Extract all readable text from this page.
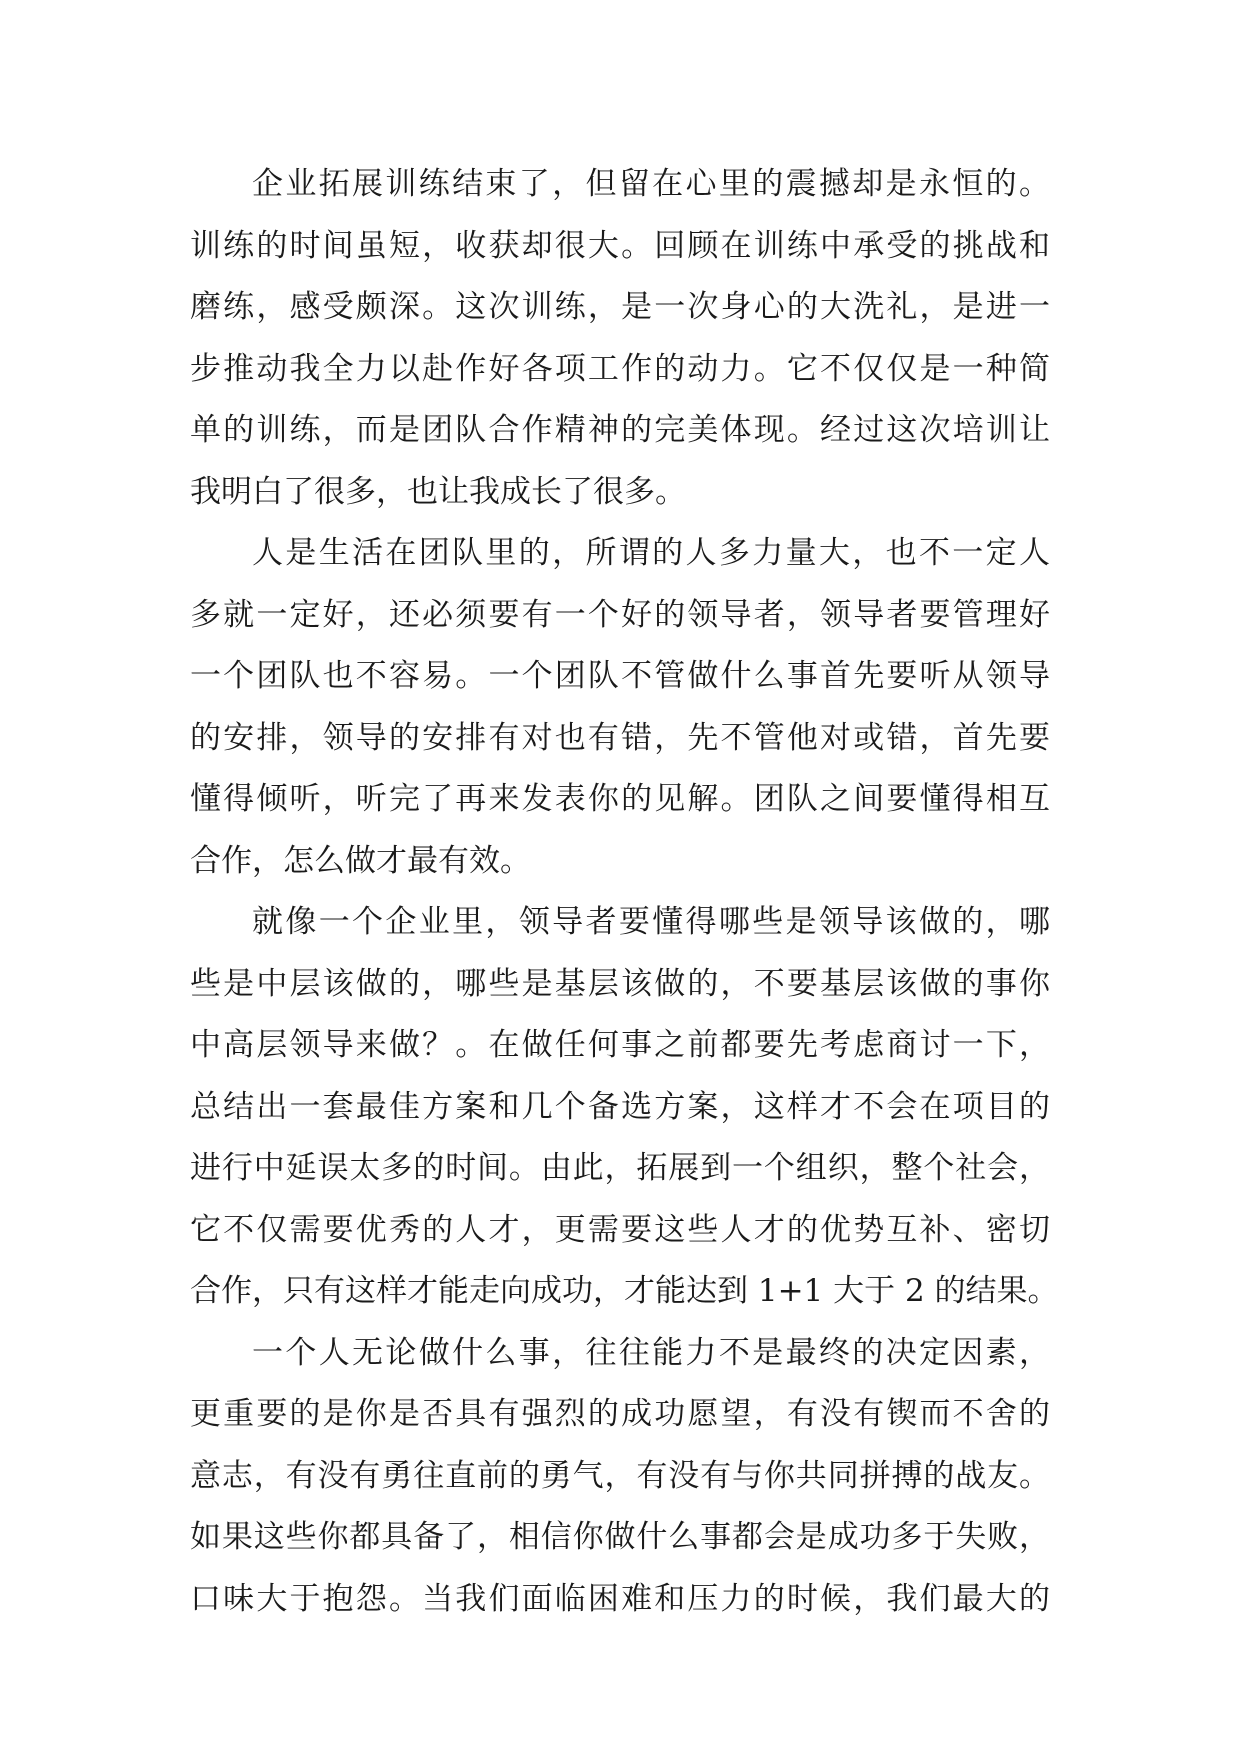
企业拓展训练结束了，但留在心里的震撼却是永恒的。
训练的时间虽短，收获却很大。回顾在训练中承受的挑战和
磨练，感受颇深。这次训练，是一次身心的大洗礼，是进一
步推动我全力以赴作好各项工作的动力。它不仅仅是一种简
单的训练，而是团队合作精神的完美体现。经过这次培训让
我明白了很多，也让我成长了很多。
人是生活在团队里的，所谓的人多力量大，也不一定人
多就一定好，还必须要有一个好的领导者，领导者要管理好
一个团队也不容易。一个团队不管做什么事首先要听从领导
的安排，领导的安排有对也有错，先不管他对或错，首先要
懂得倾听，听完了再来发表你的见解。团队之间要懂得相互
合作，怎么做才最有效。
就像一个企业里，领导者要懂得哪些是领导该做的，哪
些是中层该做的，哪些是基层该做的，不要基层该做的事你
中高层领导来做？。在做任何事之前都要先考虑商讨一下，
总结出一套最佳方案和几个备选方案，这样才不会在项目的
进行中延误太多的时间。由此，拓展到一个组织，整个社会，
它不仅需要优秀的人才，更需要这些人才的优势互补、密切
合作，只有这样才能走向成功，才能达到 1+1 大于 2 的结果。
一个人无论做什么事，往往能力不是最终的决定因素，
更重要的是你是否具有强烈的成功愿望，有没有锲而不舍的
意志，有没有勇往直前的勇气，有没有与你共同拼搏的战友。
如果这些你都具备了，相信你做什么事都会是成功多于失败，
口味大于抱怨。当我们面临困难和压力的时候，我们最大的
